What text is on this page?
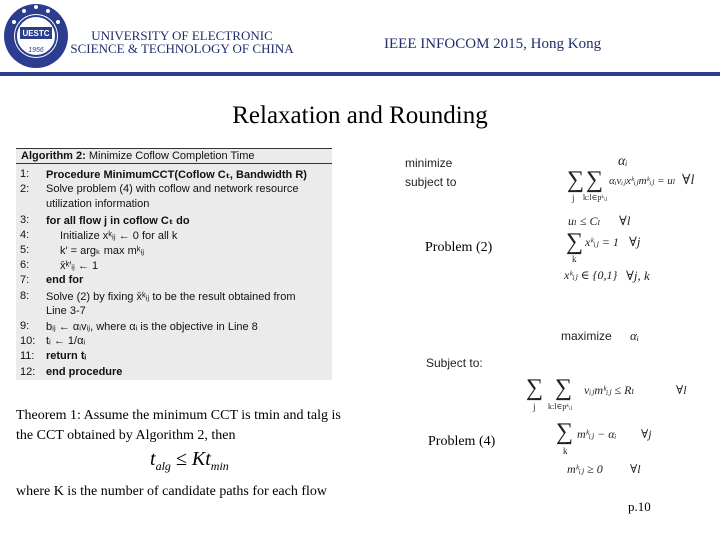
UESTC
1956
UNIVERSITY OF ELECTRONIC
SCIENCE & TECHNOLOGY OF CHINA	IEEE INFOCOM 2015, Hong Kong
Relaxation and Rounding
Algorithm 2: Minimize Coflow Completion Time
1:	Procedure MinimumCCT(Coflow Cₜ, Bandwidth R)
2:	Solve problem (4) with coflow and network resource
utilization information
3:	for all flow j in coflow Cₜ do
4:	Initialize xᵏᵢⱼ ← 0 for all k
5:	k′ = argₖ max mᵏᵢⱼ
6:	x̄ᵏ′ᵢⱼ ← 1
7:	end for
8:	Solve (2) by fixing x̄ᵏᵢⱼ to be the result obtained from
Line 3-7
9:	bᵢⱼ ← αᵢvᵢⱼ, where αᵢ is the objective in Line 8
10: tᵢ ← 1/αᵢ
11:	return tᵢ
12: end procedure
minimize	αᵢ
subject to	∑ ∑
j k:l∈pᵏᵢⱼ
αᵢvᵢⱼxᵏᵢⱼmᵏᵢⱼ = uₗ ∀l
uₗ ≤ Cₗ ∀l
∑
k
xᵏᵢⱼ = 1 ∀j
xᵏᵢⱼ ∈ {0,1} ∀j, k
Problem (2)
maximize αᵢ
Subject to:
∑ ∑
j k:l∈pᵏᵢⱼ
vᵢⱼmᵏᵢⱼ ≤ Rₗ	∀l
∑
k
mᵏᵢⱼ − αᵢ ∀j
mᵏᵢⱼ ≥ 0 ∀l
Problem (4)
Theorem 1: Assume the minimum CCT is tmin and talg is
the CCT obtained by Algorithm 2, then
$t_{alg} \le Kt_{min}$
where K is the number of candidate paths for each flow
p.10
